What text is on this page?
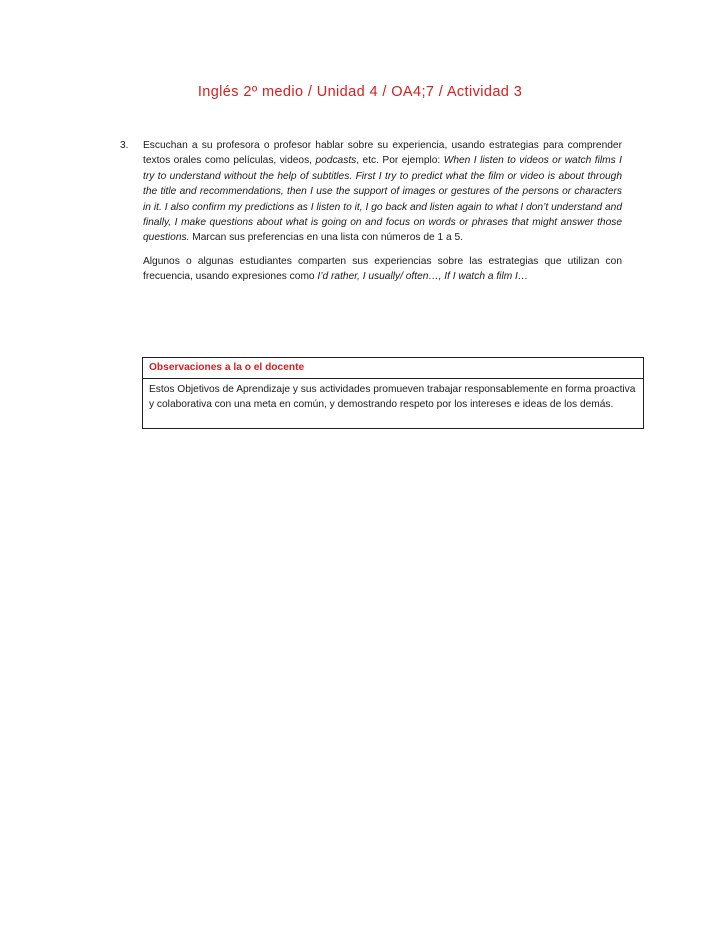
Inglés 2º medio / Unidad 4 / OA4;7 / Actividad 3
3. Escuchan a su profesora o profesor hablar sobre su experiencia, usando estrategias para comprender textos orales como películas, videos, podcasts, etc. Por ejemplo: When I listen to videos or watch films I try to understand without the help of subtitles. First I try to predict what the film or video is about through the title and recommendations, then I use the support of images or gestures of the persons or characters in it. I also confirm my predictions as I listen to it, I go back and listen again to what I don’t understand and finally, I make questions about what is going on and focus on words or phrases that might answer those questions. Marcan sus preferencias en una lista con números de 1 a 5.

Algunos o algunas estudiantes comparten sus experiencias sobre las estrategias que utilizan con frecuencia, usando expresiones como I’d rather, I usually/ often…, If I watch a film I…

Observaciones a la o el docente
Estos Objetivos de Aprendizaje y sus actividades promueven trabajar responsablemente en forma proactiva y colaborativa con una meta en común, y demostrando respeto por los intereses e ideas de los demás.
